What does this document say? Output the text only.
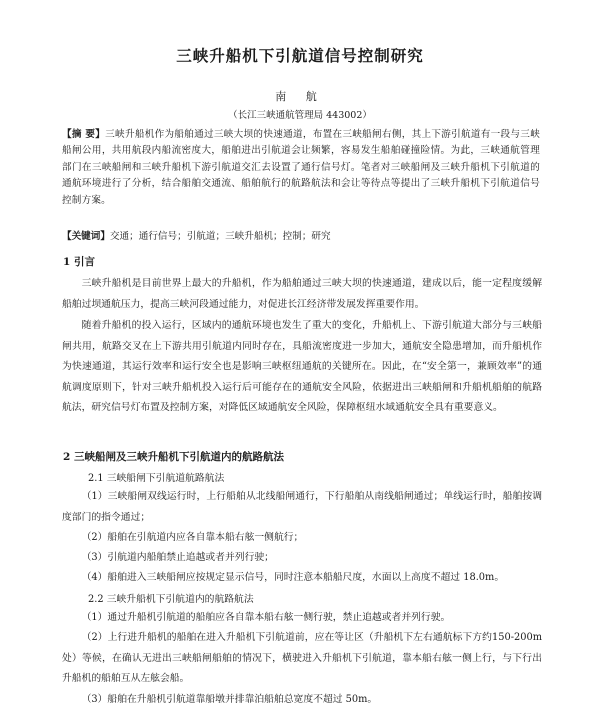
三峡升船机下引航道信号控制研究
南 航
（长江三峡通航管理局 443002）
【摘 要】三峡升船机作为船舶通过三峡大坝的快速通道，布置在三峡船闸右侧，其上下游引航道有一段与三峡船闸公用，共用航段内船流密度大，船舶进出引航道会让频繁，容易发生船舶碰撞险情。为此，三峡通航管理部门在三峡船闸和三峡升船机下游引航道交汇去设置了通行信号灯。笔者对三峡船闸及三峡升船机下引航道的通航环境进行了分析，结合船舶交通流、船舶航行的航路航法和会让等待点等提出了三峡升船机下引航道信号控制方案。
【关键词】交通；通行信号；引航道；三峡升船机；控制；研究
1 引言
三峡升船机是目前世界上最大的升船机，作为船舶通过三峡大坝的快速通道，建成以后，能一定程度缓解船舶过坝通航压力，提高三峡河段通过能力，对促进长江经济带发展发挥重要作用。
随着升船机的投入运行，区域内的通航环境也发生了重大的变化，升船机上、下游引航道大部分与三峡船闸共用，航路交叉在上下游共用引航道内同时存在，具船流密度进一步加大，通航安全隐患增加，而升船机作为快速通道，其运行效率和运行安全也是影响三峡枢纽通航的关键所在。因此，在“安全第一，兼顾效率”的通航调度原则下，针对三峡升船机投入运行后可能存在的通航安全风险，依据进出三峡船闸和升船机船舶的航路航法，研究信号灯布置及控制方案，对降低区域通航安全风险，保障枢纽水域通航安全具有重要意义。
2 三峡船闸及三峡升船机下引航道内的航路航法
2.1 三峡船闸下引航道航路航法
（1）三峡船闸双线运行时，上行船舶从北线船闸通行，下行船舶从南线船闸通过；单线运行时，船舶按调度部门的指令通过；
（2）船舶在引航道内应各自靠本船右舷一侧航行；
（3）引航道内船舶禁止追越或者并列行驶；
（4）船舶进入三峡船闸应按规定显示信号，同时注意本船船尺度，水面以上高度不超过 18.0m。
2.2 三峡升船机下引航道内的航路航法
（1）通过升船机引航道的船舶应各自靠本船右舷一侧行驶，禁止追越或者并列行驶。
（2）上行进升船机的船舶在进入升船机下引航道前，应在等让区（升船机下左右通航标下方约150-200m 处）等候，在确认无进出三峡船闸船舶的情况下，横驶进入升船机下引航道，靠本船右舷一侧上行，与下行出升船机的船舶互从左舷会船。
（3）船舶在升船机引航道靠船墩并排靠泊船舶总宽度不超过 50m。
